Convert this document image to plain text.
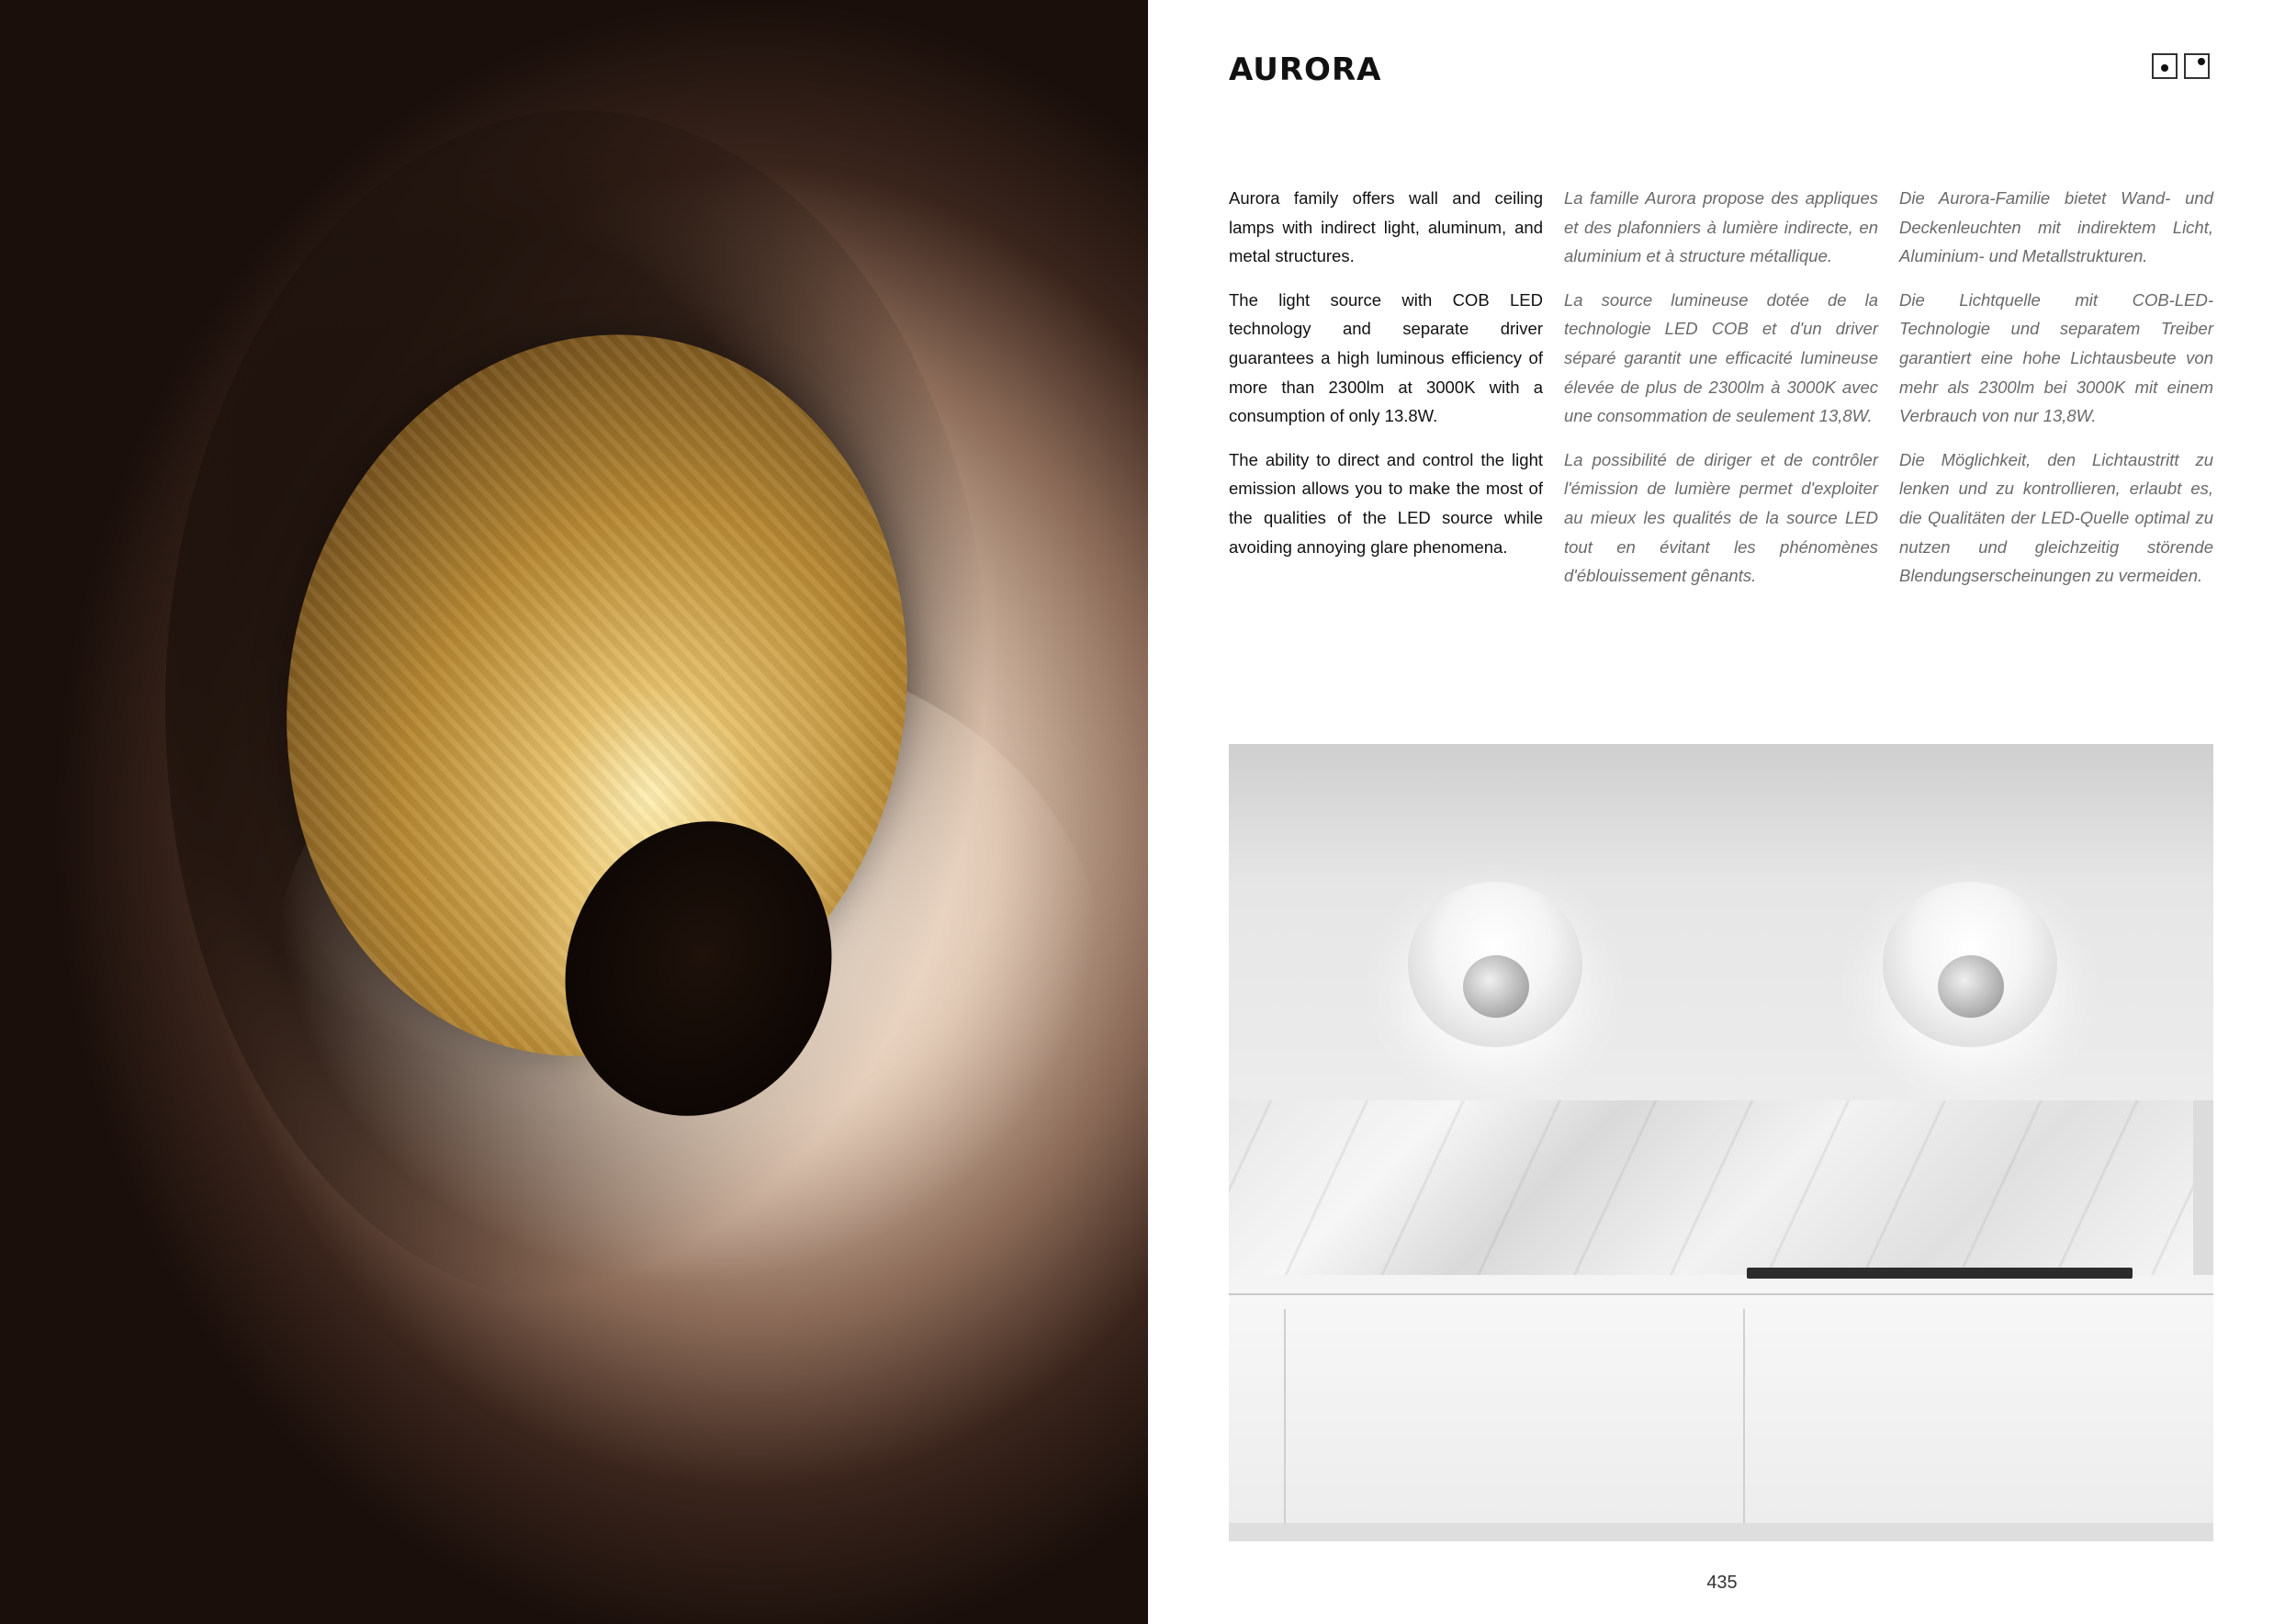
AURORA

Aurora family offers wall and ceiling lamps with indirect light, aluminum, and metal structures.

The light source with COB LED technology and separate driver guarantees a high luminous efficiency of more than 2300lm at 3000K with a consumption of only 13.8W.

The ability to direct and control the light emission allows you to make the most of the qualities of the LED source while avoiding annoying glare phenomena.

La famille Aurora propose des appliques et des plafonniers à lumière indirecte, en aluminium et à structure métallique.

La source lumineuse dotée de la technologie LED COB et d'un driver séparé garantit une efficacité lumineuse élevée de plus de 2300lm à 3000K avec une consommation de seulement 13,8W.

La possibilité de diriger et de contrôler l'émission de lumière permet d'exploiter au mieux les qualités de la source LED tout en évitant les phénomènes d'éblouissement gênants.

Die Aurora-Familie bietet Wand- und Deckenleuchten mit indirektem Licht, Aluminium- und Metallstrukturen.

Die Lichtquelle mit COB-LED-Technologie und separatem Treiber garantiert eine hohe Lichtausbeute von mehr als 2300lm bei 3000K mit einem Verbrauch von nur 13,8W.

Die Möglichkeit, den Lichtaustritt zu lenken und zu kontrollieren, erlaubt es, die Qualitäten der LED-Quelle optimal zu nutzen und gleichzeitig störende Blendungserscheinungen zu vermeiden.

435
